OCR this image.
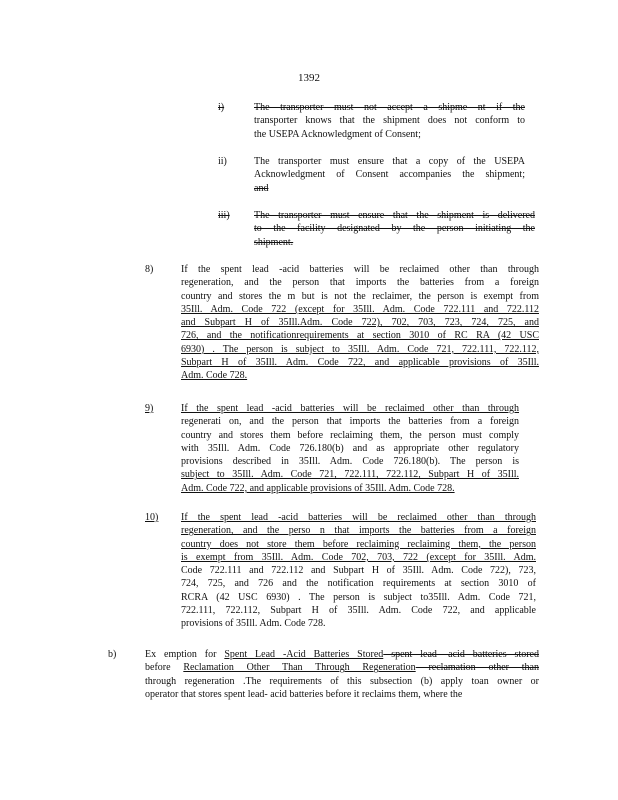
1392
i)	The transporter must not accept a shipme nt if the
transporter knows that the shipment does not conform to
the USEPA Acknowledgment of Consent;
ii)	The transporter must ensure that a copy of the USEPA
Acknowledgment of Consent accompanies the shipment;
and
iii) The transporter must ensure that the shipment is delivered
to the facility designated by the person initiating the
shipment.
8)	If the spent lead -acid batteries will be reclaimed other than through
regeneration, and the person that imports the batteries from a foreign
country and stores the m but is not the reclaimer, the person is exempt from
35Ill. Adm. Code 722 (except for 35Ill. Adm. Code 722.111 and 722.112
and Subpart H of 35Ill.Adm. Code 722), 702, 703, 723, 724, 725, and
726, and the notificationrequirements at section 3010 of RC RA (42 USC
6930) . The person is subject to 35Ill. Adm. Code 721, 722.111, 722.112,
Subpart H of 35Ill. Adm. Code 722, and applicable provisions of 35Ill.
Adm. Code 728.
9)	If the spent lead -acid batteries will be reclaimed other than through
regenerati on, and the person that imports the batteries from a foreign
country and stores them before reclaiming them, the person must comply
with 35Ill. Adm. Code 726.180(b) and as appropriate other regulatory
provisions described in 35Ill. Adm. Code 726.180(b). The person is
subject to 35Ill. Adm. Code 721, 722.111, 722.112, Subpart H of 35Ill.
Adm. Code 722, and applicable provisions of 35Ill. Adm. Code 728.
10) If the spent lead -acid batteries will be reclaimed other than through
regeneration, and the perso n that imports the batteries from a foreign
country does not store them before reclaiming reclaiming them, the person
is exempt from 35Ill. Adm. Code 702, 703, 722 (except for 35Ill. Adm.
Code 722.111 and 722.112 and Subpart H of 35Ill. Adm. Code 722), 723,
724, 725, and 726 and the notification requirements at section 3010 of
RCRA (42 USC 6930) . The person is subject to35Ill. Adm. Code 721,
722.111, 722.112, Subpart H of 35Ill. Adm. Code 722, and applicable
provisions of 35Ill. Adm. Code 728.
b)	Ex emption for Spent Lead -Acid Batteries Stored spent lead -acid batteries stored
before Reclamation Other Than Through Regeneration reclamation other than
through regeneration .The requirements of this subsection (b) apply toan owner or
operator that stores spent lead- acid batteries before it reclaims them, where the
